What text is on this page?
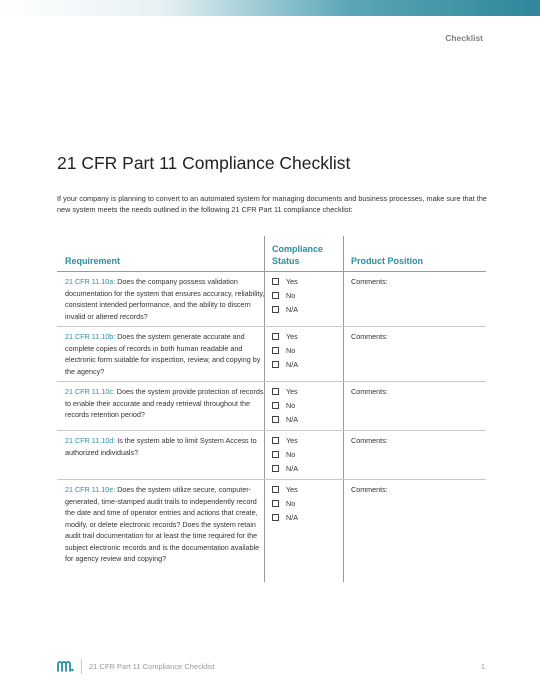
Checklist
21 CFR Part 11 Compliance Checklist

If your company is planning to convert to an automated system for managing documents and business processes, make sure that the new system meets the needs outlined in the following 21 CFR Part 11 compliance checklist:

Requirement
Compliance Status	Product Position
21 CFR 11.10a: Does the company possess validation documentation for the system that ensures accuracy, reliability, consistent intended performance, and the ability to discern invalid or altered records?
Yes
No
N/A
Comments:
21 CFR 11.10b: Does the system generate accurate and complete copies of records in both human readable and electronic form suitable for inspection, review, and copying by the agency?
Yes
No
N/A
Comments:
21 CFR 11.10c: Does the system provide protection of records to enable their accurate and ready retrieval throughout the records retention period?
Yes
No
N/A
Comments:
21 CFR 11.10d: Is the system able to limit System Access to authorized individuals?
Yes
No
N/A
Comments:
21 CFR 11.10e: Does the system utilize secure, computer-generated, time-stamped audit trails to independently record the date and time of operator entries and actions that create, modify, or delete electronic records? Does the system retain audit trail documentation for at least the time required for the subject electronic records and is the documentation available for agency review and copying?
Yes
No
N/A
Comments:
21 CFR Part 11 Compliance Checklist	1
